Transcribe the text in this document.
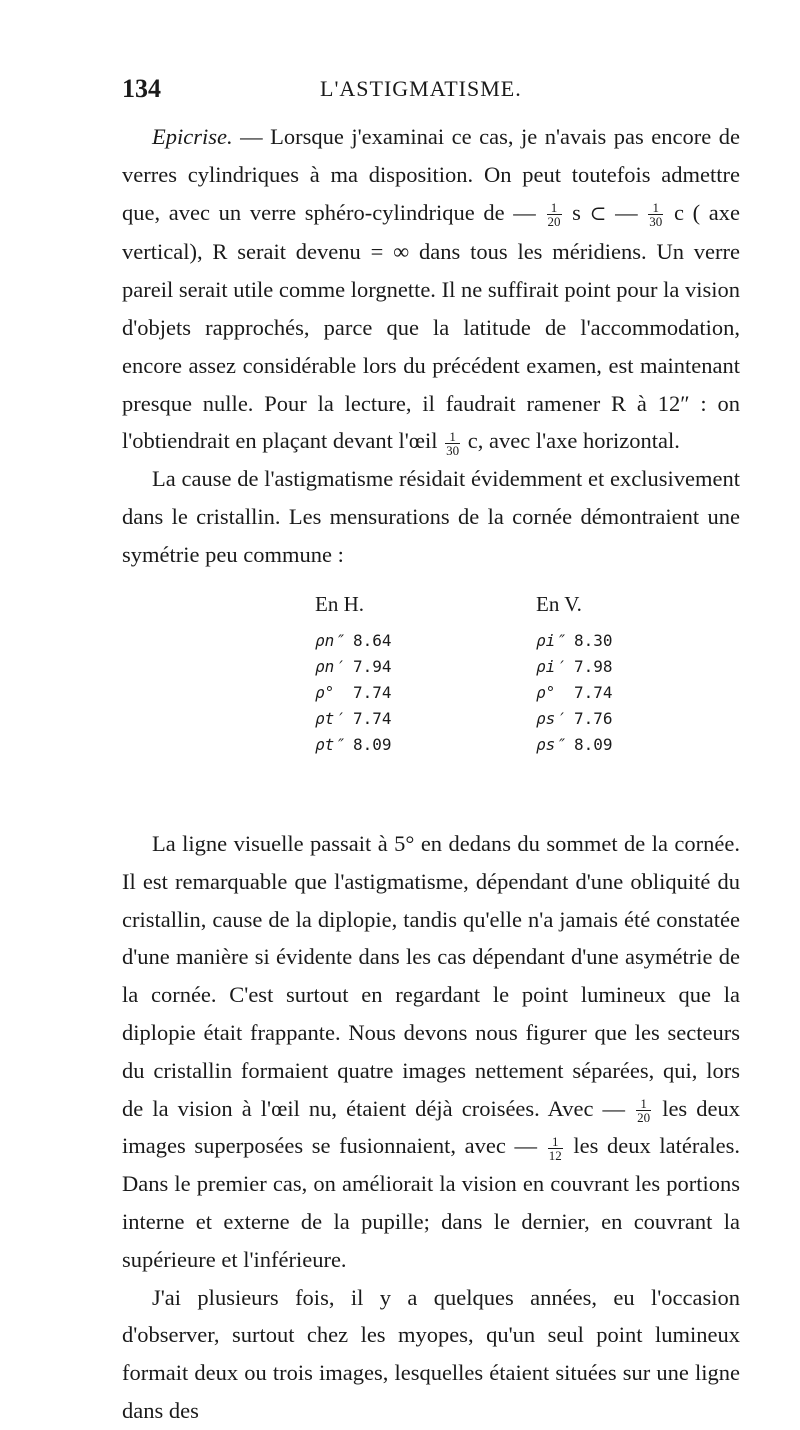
134	L'ASTIGMATISME.

Epicrise. — Lorsque j'examinai ce cas, je n'avais pas encore de verres cylindriques à ma disposition. On peut toutefois admettre que, avec un verre sphéro-cylindrique de — $\frac{1}{20}$ s ⊂ — $\frac{1}{30}$ c ( axe vertical), R serait devenu = ∞ dans tous les méridiens. Un verre pareil serait utile comme lorgnette. Il ne suffirait point pour la vision d'objets rapprochés, parce que la latitude de l'accommodation, encore assez considérable lors du précédent examen, est maintenant presque nulle. Pour la lecture, il faudrait ramener R à 12″ : on l'obtiendrait en plaçant devant l'œil $\frac{1}{30} c$, avec l'axe horizontal.

La cause de l'astigmatisme résidait évidemment et exclusivement dans le cristallin. Les mensurations de la cornée démontraient une symétrie peu commune :

En H.	En V.
ρn″ 8.64
ρn′ 7.94
ρ° 7.74
ρt′ 7.74
ρt″ 8.09
ρi″ 8.30
ρi′ 7.98
ρ° 7.74
ρs′ 7.76
ρs″ 8.09

La ligne visuelle passait à 5° en dedans du sommet de la cornée. Il est remarquable que l'astigmatisme, dépendant d'une obliquité du cristallin, cause de la diplopie, tandis qu'elle n'a jamais été constatée d'une manière si évidente dans les cas dépendant d'une asymétrie de la cornée. C'est surtout en regardant le point lumineux que la diplopie était frappante. Nous devons nous figurer que les secteurs du cristallin formaient quatre images nettement séparées, qui, lors de la vision à l'œil nu, étaient déjà croisées. Avec — $\frac{1}{20}$ les deux images superposées se fusionnaient, avec — $\frac{1}{12}$ les deux latérales. Dans le premier cas, on améliorait la vision en couvrant les portions interne et externe de la pupille; dans le dernier, en couvrant la supérieure et l'inférieure.

J'ai plusieurs fois, il y a quelques années, eu l'occasion d'observer, surtout chez les myopes, qu'un seul point lumineux formait deux ou trois images, lesquelles étaient situées sur une ligne dans des
